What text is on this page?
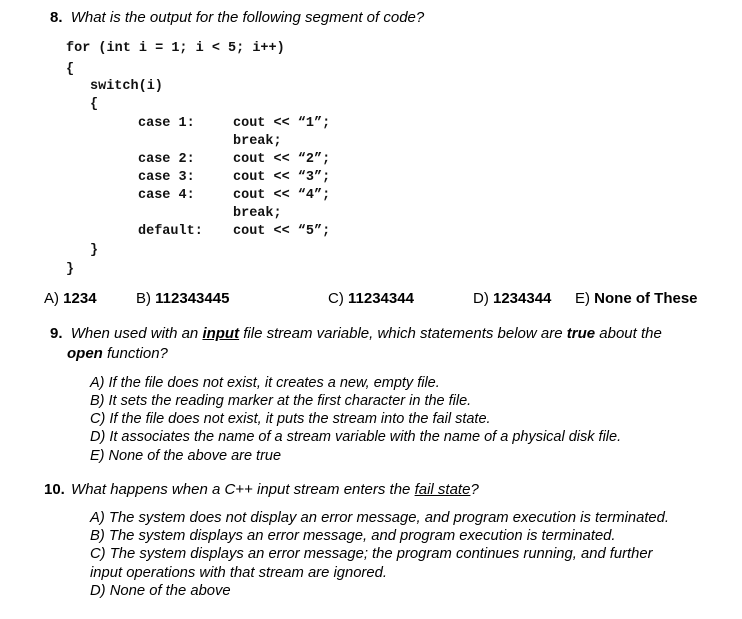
8. What is the output for the following segment of code?
for (int i = 1; i < 5; i++)
{
switch(i)
{
case 1:	cout << “1”;
break;
case 2:	cout << “2”;
case 3:	cout << “3”;
case 4:	cout << “4”;
break;
default: cout << “5”;
}
}
A) 1234	B) 112343445	C) 11234344	D) 1234344 E) None of These
9. When used with an input file stream variable, which statements below are true about the
open function?
A) If the file does not exist, it creates a new, empty file.
B) It sets the reading marker at the first character in the file.
C) If the file does not exist, it puts the stream into the fail state.
D) It associates the name of a stream variable with the name of a physical disk file.
E) None of the above are true
10. What happens when a C++ input stream enters the fail state?
A) The system does not display an error message, and program execution is terminated.
B) The system displays an error message, and program execution is terminated.
C) The system displays an error message; the program continues running, and further
input operations with that stream are ignored.
D) None of the above
